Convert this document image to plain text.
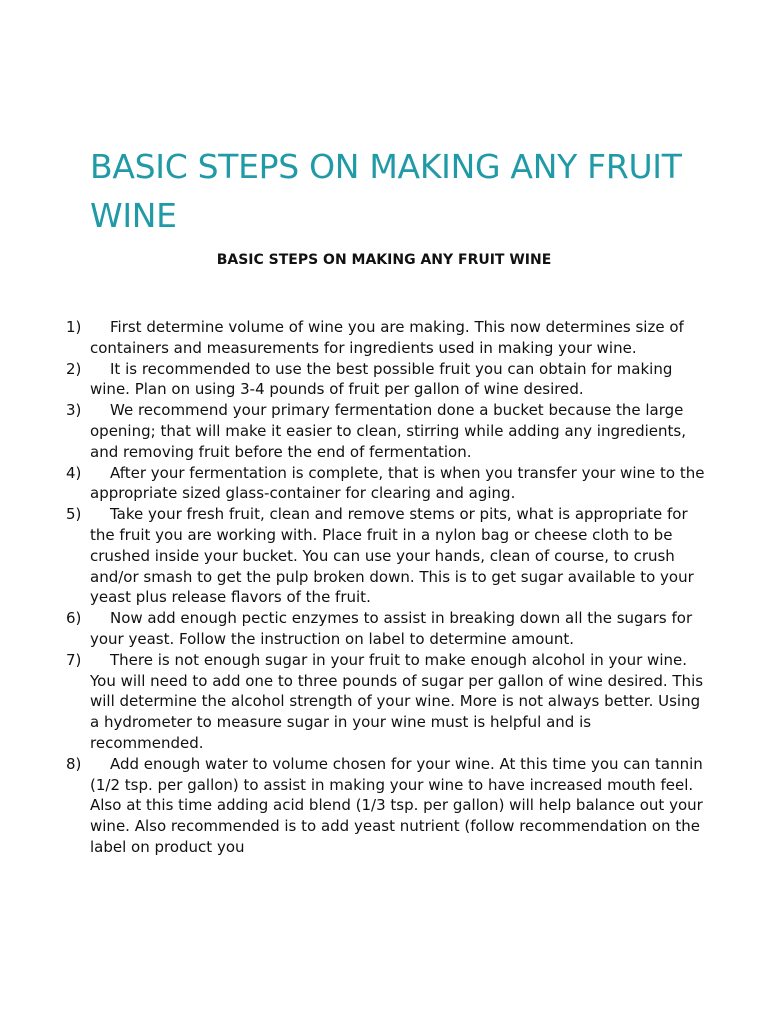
BASIC STEPS ON MAKING ANY FRUIT WINE
BASIC STEPS ON MAKING ANY FRUIT WINE
1)	First determine volume of wine you are making. This now determines size of containers and measurements for ingredients used in making your wine.
2)	It is recommended to use the best possible fruit you can obtain for making wine. Plan on using 3-4 pounds of fruit per gallon of wine desired.
3)	We recommend your primary fermentation done a bucket because the large opening; that will make it easier to clean, stirring while adding any ingredients, and removing fruit before the end of fermentation.
4)	After your fermentation is complete, that is when you transfer your wine to the appropriate sized glass-container for clearing and aging.
5)	Take your fresh fruit, clean and remove stems or pits, what is appropriate for the fruit you are working with. Place fruit in a nylon bag or cheese cloth to be crushed inside your bucket. You can use your hands, clean of course, to crush and/or smash to get the pulp broken down. This is to get sugar available to your yeast plus release flavors of the fruit.
6)	Now add enough pectic enzymes to assist in breaking down all the sugars for your yeast. Follow the instruction on label to determine amount.
7)	There is not enough sugar in your fruit to make enough alcohol in your wine. You will need to add one to three pounds of sugar per gallon of wine desired. This will determine the alcohol strength of your wine. More is not always better. Using a hydrometer to measure sugar in your wine must is helpful and is recommended.
8)	Add enough water to volume chosen for your wine. At this time you can tannin (1/2 tsp. per gallon) to assist in making your wine to have increased mouth feel. Also at this time adding acid blend (1/3 tsp. per gallon) will help balance out your wine. Also recommended is to add yeast nutrient (follow recommendation on the label on product you
